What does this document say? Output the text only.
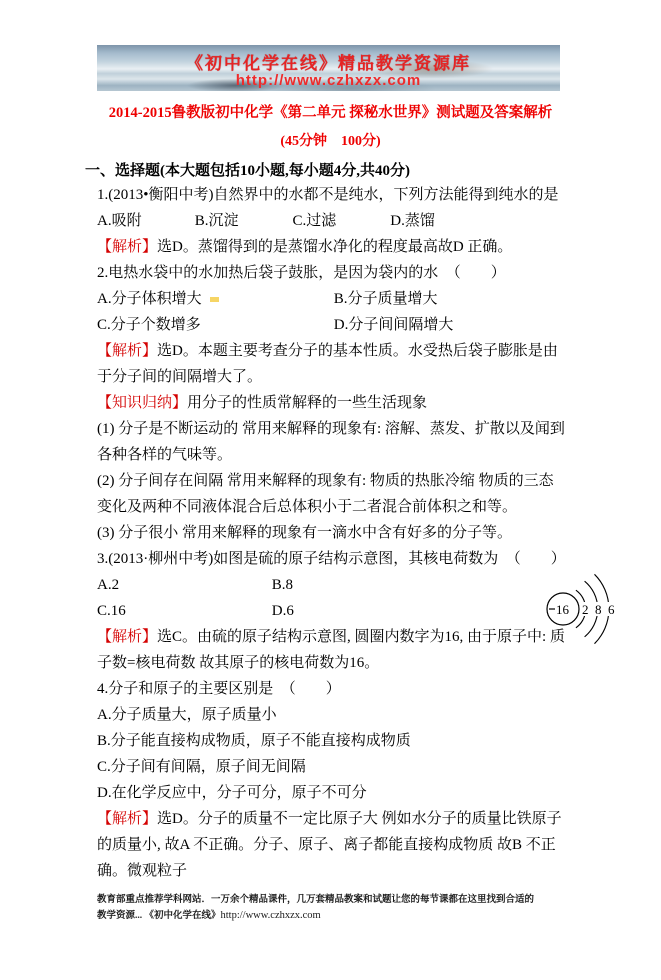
《初中化学在线》精品教学资源库
http://www.czhxzx.com
2014-2015鲁教版初中化学《第二单元 探秘水世界》测试题及答案解析
(45分钟　100分)
一、选择题(本大题包括10小题,每小题4分,共40分)

1.(2013•衡阳中考)自然界中的水都不是纯水，下列方法能得到纯水的是

A.吸附	B.沉淀	C.过滤	D.蒸馏

【解析】选D。蒸馏得到的是蒸馏水净化的程度最高故D 正确。

2.电热水袋中的水加热后袋子鼓胀，是因为袋内的水　（　　）

A.分子体积增大	B.分子质量增大

C.分子个数增多	D.分子间间隔增大

【解析】选D。本题主要考查分子的基本性质。水受热后袋子膨胀是由于分子间的间隔增大了。

【知识归纳】用分子的性质常解释的一些生活现象

(1) 分子是不断运动的 常用来解释的现象有: 溶解、蒸发、扩散以及闻到各种各样的气味等。

(2) 分子间存在间隔 常用来解释的现象有: 物质的热胀冷缩 物质的三态变化及两种不同液体混合后总体积小于二者混合前体积之和等。

(3) 分子很小 常用来解释的现象有一滴水中含有好多的分子等。

3.(2013·柳州中考)如图是硫的原子结构示意图，其核电荷数为　（　　）

A.2	B.8

C.16	D.6	16 2 8 6

【解析】选C。由硫的原子结构示意图, 圆圈内数字为16, 由于原子中: 质子数=核电荷数 故其原子的核电荷数为16。

4.分子和原子的主要区别是　（　　）

A.分子质量大，原子质量小

B.分子能直接构成物质，原子不能直接构成物质

C.分子间有间隔，原子间无间隔

D.在化学反应中，分子可分，原子不可分

【解析】选D。分子的质量不一定比原子大 例如水分子的质量比铁原子的质量小, 故A 不正确。分子、原子、离子都能直接构成物质 故B 不正确。微观粒子

教育部重点推荐学科网站．一万余个精品课件，几万套精品教案和试题让您的每节课都在这里找到合适的
教学资源... 《初中化学在线》http://www.czhxzx.com
